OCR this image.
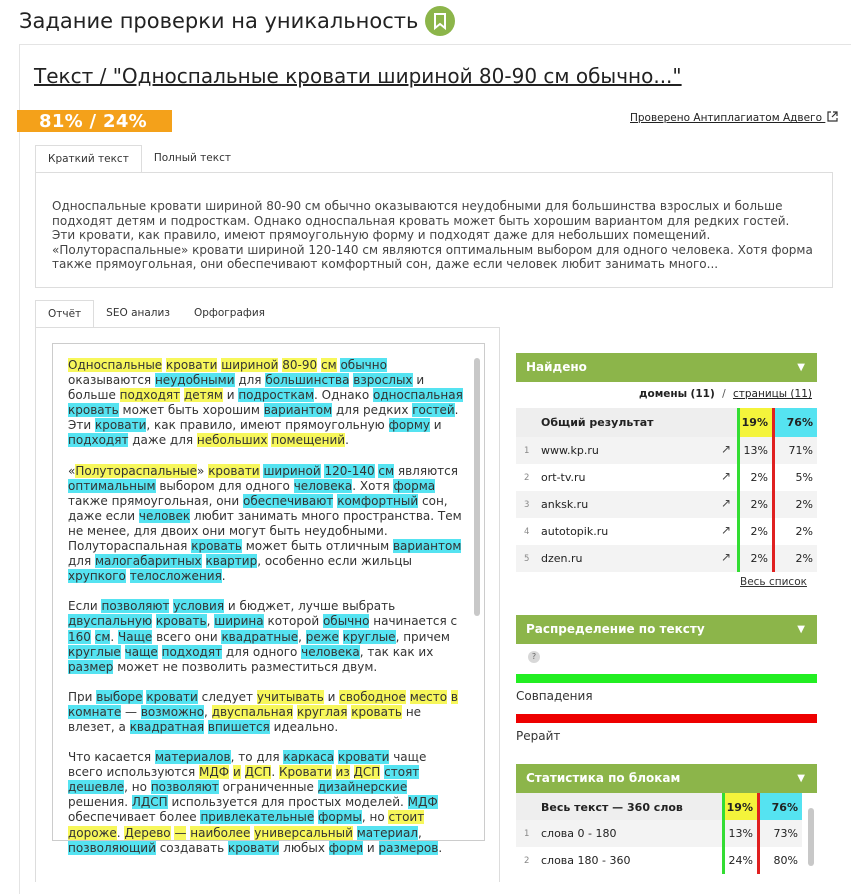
Задание проверки на уникальность
Текст / "Односпальные кровати шириной 80-90 см обычно..."
81% / 24%	Проверено Антиплагиатом Адвего
Краткий текст	Полный текст
Односпальные кровати шириной 80-90 см обычно оказываются неудобными для большинства взрослых и больше подходят детям и подросткам. Однако односпальная кровать может быть хорошим вариантом для редких гостей. Эти кровати, как правило, имеют прямоугольную форму и подходят даже для небольших помещений. «Полуторaспальные» кровати шириной 120-140 см являются оптимальным выбором для одного человека. Хотя форма также прямоугольная, они обеспечивают комфортный сон, даже если человек любит занимать много...
Отчёт	SEO анализ	Орфография

Односпальные кровати шириной 80-90 см обычно оказываются неудобными для большинства взрослых и больше подходят детям и подросткам. Однако односпальная кровать может быть хорошим вариантом для редких гостей. Эти кровати, как правило, имеют прямоугольную форму и подходят даже для небольших помещений.

«Полуторaспальные» кровати шириной 120-140 см являются оптимальным выбором для одного человека. Хотя форма также прямоугольная, они обеспечивают комфортный сон, даже если человек любит занимать много пространства. Тем не менее, для двоих они могут быть неудобными. Полуторaспальная кровать может быть отличным вариантом для малогабаритных квартир, особенно если жильцы хрупкого телосложения.

Если позволяют условия и бюджет, лучше выбрать двуспальную кровать, ширина которой обычно начинается с 160 см. Чаще всего они квадратные, реже круглые, причем круглые чаще подходят для одного человека, так как их размер может не позволить разместиться двум.

При выборе кровати следует учитывать и свободное место в комнате — возможно, двуспальная круглая кровать не влезет, а квадратная впишется идеально.

Что касается материалов, то для каркаса кровати чаще всего используются МДФ и ДСП. Кровати из ДСП стоят дешевле, но позволяют ограниченные дизайнерские решения. ЛДСП используется для простых моделей. МДФ обеспечивает более привлекательные формы, но стоит дороже. Дерево — наиболее универсальный материал, позволяющий создавать кровати любых форм и размеров.

Найдено	▼
домены (11) / страницы (11)
Общий результат	19%	76%
1 www.kp.ru	↗	13%	71%
2 ort-tv.ru	↗	2%	5%
3 anksk.ru	↗	2%	2%
4 autotopik.ru	↗	2%	2%
5 dzen.ru	↗	2%	2%
Весь список
Распределение по тексту	▼
?
Совпадения
Рерайт
Статистика по блокам	▼
Весь текст — 360 слов	19%	76%
1 слова 0 - 180	13%	73%
2 слова 180 - 360	24%	80%
